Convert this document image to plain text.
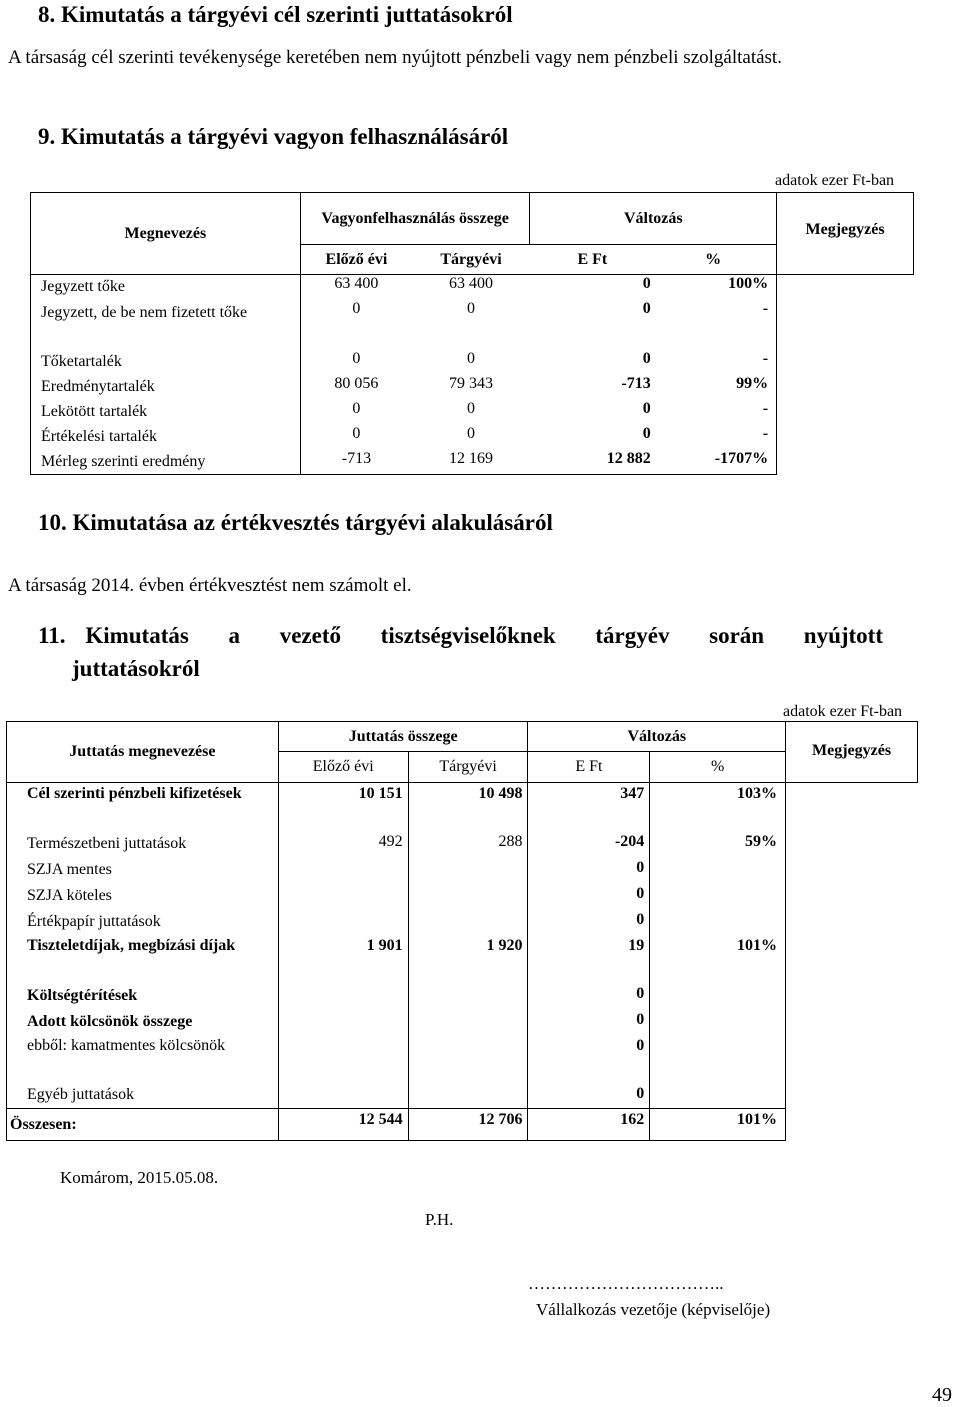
8. Kimutatás a tárgyévi cél szerinti juttatásokról
A társaság cél szerinti tevékenysége keretében nem nyújtott pénzbeli vagy nem pénzbeli szolgáltatást.
9. Kimutatás a tárgyévi vagyon felhasználásáról
adatok ezer Ft-ban
Megnevezés	Vagyonfelhasználás összege		Változás		Megjegyzés
	Előző évi	Tárgyévi	E Ft	%	
Jegyzett tőke	63 400	63 400	0	100%	
Jegyzett, de be nem fizetett tőke	0	0	0	-	
Tőketartalék	0	0	0	-	
Eredménytartalék	80 056	79 343	-713	99%	
Lekötött tartalék	0	0	0	-	
Értékelési tartalék	0	0	0	-	
Mérleg szerinti eredmény	-713	12 169	12 882	-1707%	
10. Kimutatása az értékvesztés tárgyévi alakulásáról
A társaság 2014. évben értékvesztést nem számolt el.
11. Kimutatás  a  vezető  tisztségviselőknek  tárgyév  során  nyújtott
juttatásokról
adatok ezer Ft-ban
Juttatás megnevezése	Juttatás összege		Változás		Megjegyzés
	Előző évi	Tárgyévi	E Ft	%	
Cél szerinti pénzbeli kifizetések	10 151	10 498	347	103%	
Természetbeni juttatások	492	288	-204	59%	
SZJA mentes			0		
SZJA köteles			0		
Értékpapír juttatások			0		
Tiszteletdíjak, megbízási díjak	1 901	1 920	19	101%	
Költségtérítések			0		
Adott kölcsönök összege			0		
ebből: kamatmentes kölcsönök			0		
Egyéb juttatások			0		
Összesen:	12 544	12 706	162	101%	
Komárom, 2015.05.08.
P.H.
……………………………..
Vállalkozás vezetője (képviselője)
49
